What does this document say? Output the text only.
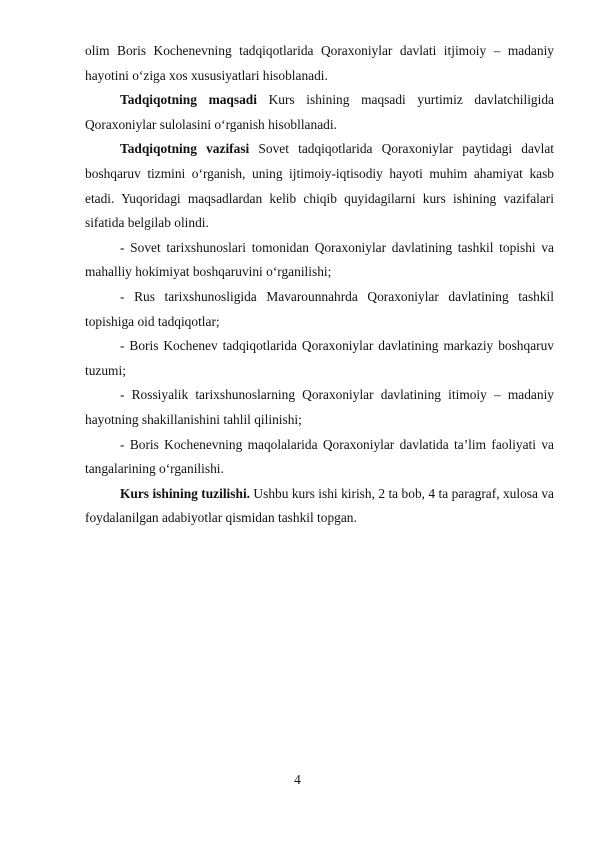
olim Boris Kochenevning tadqiqotlarida Qoraxoniylar davlati itjimoiy – madaniy hayotini o‘ziga xos xususiyatlari hisoblanadi.

Tadqiqotning maqsadi Kurs ishining maqsadi yurtimiz davlatchiligida Qoraxoniylar sulolasini o‘rganish hisobllanadi.

Tadqiqotning vazifasi Sovet tadqiqotlarida Qoraxoniylar paytidagi davlat boshqaruv tizmini o‘rganish, uning ijtimoiy-iqtisodiy hayoti muhim ahamiyat kasb etadi. Yuqoridagi maqsadlardan kelib chiqib quyidagilarni kurs ishining vazifalari sifatida belgilab olindi.

- Sovet tarixshunoslari tomonidan Qoraxoniylar davlatining tashkil topishi va mahalliy hokimiyat boshqaruvini o‘rganilishi;

- Rus tarixshunosligida Mavarounnahrda Qoraxoniylar davlatining tashkil topishiga oid tadqiqotlar;

- Boris Kochenev tadqiqotlarida Qoraxoniylar davlatining markaziy boshqaruv tuzumi;

- Rossiyalik tarixshunoslarning Qoraxoniylar davlatining itimoiy – madaniy hayotning shakillanishini tahlil qilinishi;

- Boris Kochenevning maqolalarida Qoraxoniylar davlatida ta’lim faoliyati va tangalarining o‘rganilishi.

Kurs ishining tuzilishi. Ushbu kurs ishi kirish, 2 ta bob, 4 ta paragraf, xulosa va foydalanilgan adabiyotlar qismidan tashkil topgan.

4
